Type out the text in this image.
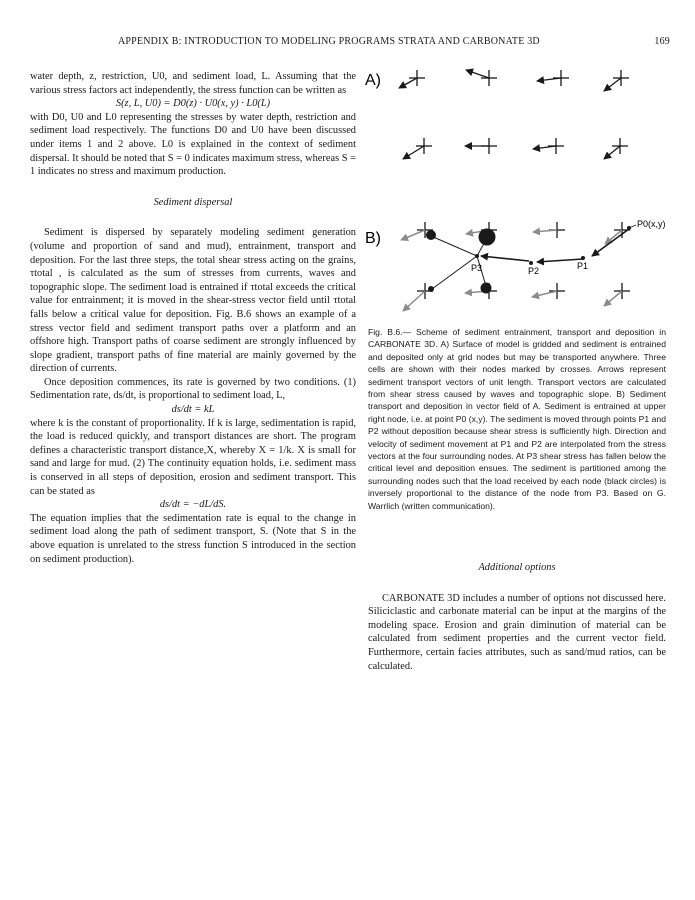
APPENDIX B: INTRODUCTION TO MODELING PROGRAMS STRATA AND CARBONATE 3D	169

water depth, z, restriction, U0, and sediment load, L. Assuming that the various stress factors act independently, the stress function can be written as

S(z, L, U0) = D0(z) · U0(x, y) · L0(L)

with D0, U0 and L0 representing the stresses by water depth, restriction and sediment load respectively. The functions D0 and U0 have been discussed under items 1 and 2 above. L0 is explained in the context of sediment dispersal. It should be noted that S = 0 indicates maximum stress, whereas S = 1 indicates no stress and maximum production.

Sediment dispersal

Sediment is dispersed by separately modeling sediment generation (volume and proportion of sand and mud), entrainment, transport and deposition. For the last three steps, the total shear stress acting on the grains, τtotal , is calculated as the sum of stresses from currents, waves and topographic slope. The sediment load is entrained if τtotal exceeds the critical value for entrainment; it is moved in the shear-stress vector field until τtotal falls below a critical value for deposition. Fig. B.6 shows an example of a stress vector field and sediment transport paths over a platform and an offshore high. Transport paths of coarse sediment are strongly influenced by slope gradient, transport paths of fine material are mainly governed by the direction of currents.

Once deposition commences, its rate is governed by two conditions. (1) Sedimentation rate, ds/dt, is proportional to sediment load, L,

ds/dt = kL

where k is the constant of proportionality. If k is large, sedimentation is rapid, the load is reduced quickly, and transport distances are short. The program defines a characteristic transport distance,X, whereby X = 1/k. X is small for sand and large for mud. (2) The continuity equation holds, i.e. sediment mass is conserved in all steps of deposition, erosion and sediment transport. This can be stated as

ds/dt = −dL/dS.

The equation implies that the sedimentation rate is equal to the change in sediment load along the path of sediment transport, S. (Note that S in the above equation is unrelated to the stress function S introduced in the section on sediment production).

A)
B)
P0(x,y)
P1
P2
P3

Fig. B.6.— Scheme of sediment entrainment, transport and deposition in CARBONATE 3D. A) Surface of model is gridded and sediment is entrained and deposited only at grid nodes but may be transported anywhere. Three cells are shown with their nodes marked by crosses. Arrows represent sediment transport vectors of unit length. Transport vectors are calculated from shear stress caused by waves and topographic slope. B) Sediment transport and deposition in vector field of A. Sediment is entrained at upper right node, i.e. at point P0 (x,y). The sediment is moved through points P1 and P2 without deposition because shear stress is sufficiently high. Direction and velocity of sediment movement at P1 and P2 are interpolated from the stress vectors at the four surrounding nodes. At P3 shear stress has fallen below the critical level and deposition ensues. The sediment is partitioned among the surrounding nodes such that the load received by each node (black circles) is inversely proportional to the distance of the node from P3. Based on G. Warrlich (written communication).

Additional options

CARBONATE 3D includes a number of options not discussed here. Siliciclastic and carbonate material can be input at the margins of the modeling space. Erosion and grain diminution of material can be calculated from sediment properties and the current vector field. Furthermore, certain facies attributes, such as sand/mud ratios, can be calculated.
